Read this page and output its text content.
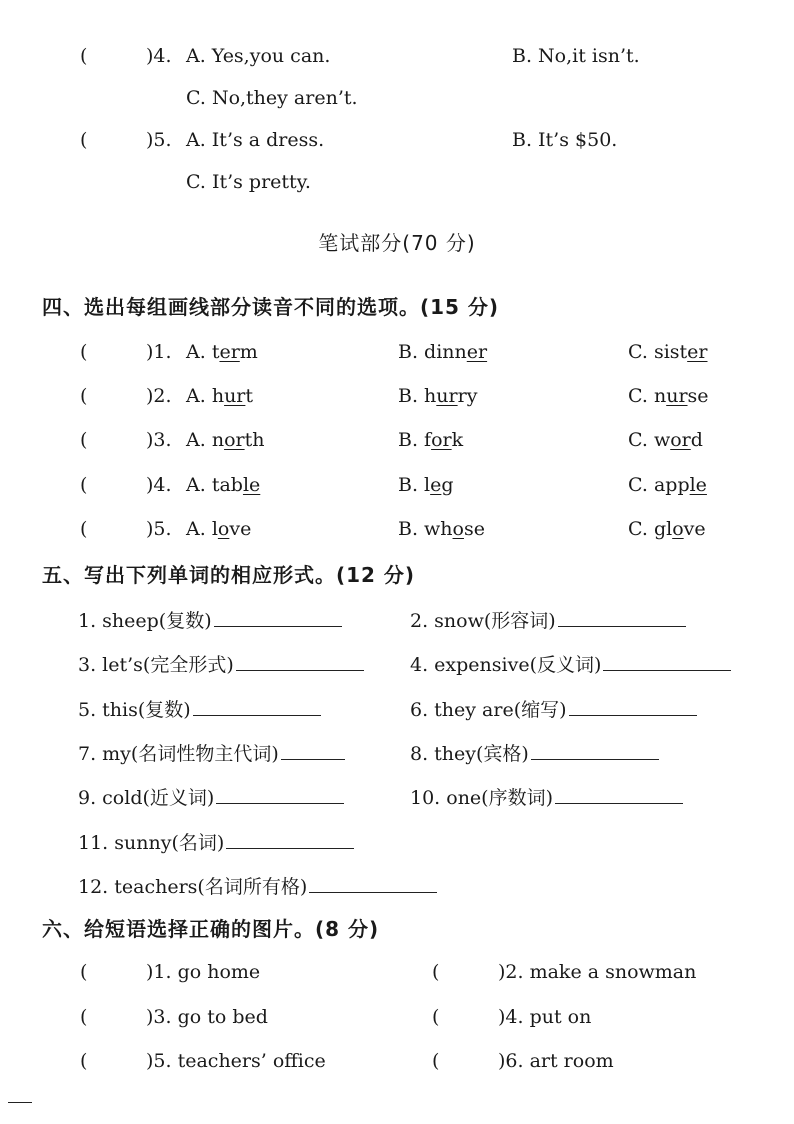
(	)4. A. Yes,you can.	B. No,it isn’t.
C. No,they aren’t.
(	)5. A. It’s a dress.	B. It’s $50.
C. It’s pretty.
笔试部分(70 分)
四、选出每组画线部分读音不同的选项。(15 分)
(	)1. A. term	B. dinner	C. sister
(	)2. A. hurt	B. hurry	C. nurse
(	)3. A. north	B. fork	C. word
(	)4. A. table	B. leg	C. apple
(	)5. A. love	B. whose	C. glove
五、写出下列单词的相应形式。(12 分)
1. sheep(复数)	2. snow(形容词)
3. let’s(完全形式)	4. expensive(反义词)
5. this(复数)	6. they are(缩写)
7. my(名词性物主代词)	8. they(宾格)
9. cold(近义词)	10. one(序数词)
11. sunny(名词)
12. teachers(名词所有格)
六、给短语选择正确的图片。(8 分)
(	)1. go home	(	)2. make a snowman
(	)3. go to bed	(	)4. put on
(	)5. teachers’ office	(	)6. art room
